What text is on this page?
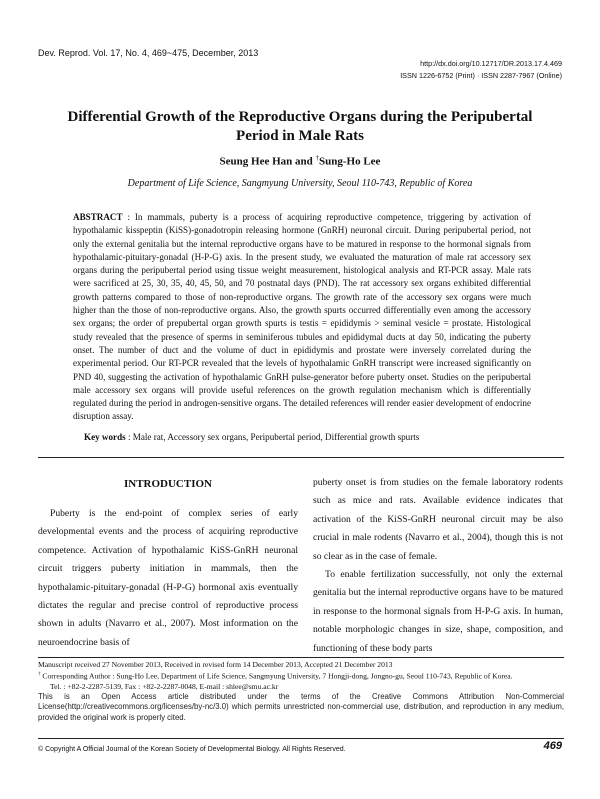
Dev. Reprod. Vol. 17, No. 4, 469~475, December, 2013
http://dx.doi.org/10.12717/DR.2013.17.4.469
ISSN 1226-6752 (Print) · ISSN 2287-7967 (Online)
Differential Growth of the Reproductive Organs during the Peripubertal Period in Male Rats
Seung Hee Han and †Sung-Ho Lee
Department of Life Science, Sangmyung University, Seoul 110-743, Republic of Korea
ABSTRACT : In mammals, puberty is a process of acquiring reproductive competence, triggering by activation of hypothalamic kisspeptin (KiSS)-gonadotropin releasing hormone (GnRH) neuronal circuit. During peripubertal period, not only the external genitalia but the internal reproductive organs have to be matured in response to the hormonal signals from hypothalamic-pituitary-gonadal (H-P-G) axis. In the present study, we evaluated the maturation of male rat accessory sex organs during the peripubertal period using tissue weight measurement, histological analysis and RT-PCR assay. Male rats were sacrificed at 25, 30, 35, 40, 45, 50, and 70 postnatal days (PND). The rat accessory sex organs exhibited differential growth patterns compared to those of non-reproductive organs. The growth rate of the accessory sex organs were much higher than the those of non-reproductive organs. Also, the growth spurts occurred differentially even among the accessory sex organs; the order of prepubertal organ growth spurts is testis = epididymis > seminal vesicle = prostate. Histological study revealed that the presence of sperms in seminiferous tubules and epididymal ducts at day 50, indicating the puberty onset. The number of duct and the volume of duct in epididymis and prostate were inversely correlated during the experimental period. Our RT-PCR revealed that the levels of hypothalamic GnRH transcript were increased significantly on PND 40, suggesting the activation of hypothalamic GnRH pulse-generator before puberty onset. Studies on the peripubertal male accessory sex organs will provide useful references on the growth regulation mechanism which is differentially regulated during the period in androgen-sensitive organs. The detailed references will render easier development of endocrine disruption assay.
Key words : Male rat, Accessory sex organs, Peripubertal period, Differential growth spurts
INTRODUCTION

Puberty is the end-point of complex series of early developmental events and the process of acquiring reproductive competence. Activation of hypothalamic KiSS-GnRH neuronal circuit triggers puberty initiation in mammals, then the hypothalamic-pituitary-gonadal (H-P-G) hormonal axis eventually dictates the regular and precise control of reproductive process shown in adults (Navarro et al., 2007). Most information on the neuroendocrine basis of

puberty onset is from studies on the female laboratory rodents such as mice and rats. Available evidence indicates that activation of the KiSS-GnRH neuronal circuit may be also crucial in male rodents (Navarro et al., 2004), though this is not so clear as in the case of female.

To enable fertilization successfully, not only the external genitalia but the internal reproductive organs have to be matured in response to the hormonal signals from H-P-G axis. In human, notable morphologic changes in size, shape, composition, and functioning of these body parts

Manuscript received 27 November 2013, Received in revised form 14 December 2013, Accepted 21 December 2013
† Corresponding Author : Sung-Ho Lee, Department of Life Science, Sangmyung University, 7 Hongji-dong, Jongno-gu, Seoul 110-743, Republic of Korea.
Tel. : +82-2-2287-5139, Fax : +82-2-2287-0048, E-mail : shlee@smu.ac.kr
This is an Open Access article distributed under the terms of the Creative Commons Attribution Non-Commercial License(http://creativecommons.org/licenses/by-nc/3.0) which permits unrestricted non-commercial use, distribution, and reproduction in any medium, provided the original work is properly cited.
© Copyright A Official Journal of the Korean Society of Developmental Biology. All Rights Reserved.	469
